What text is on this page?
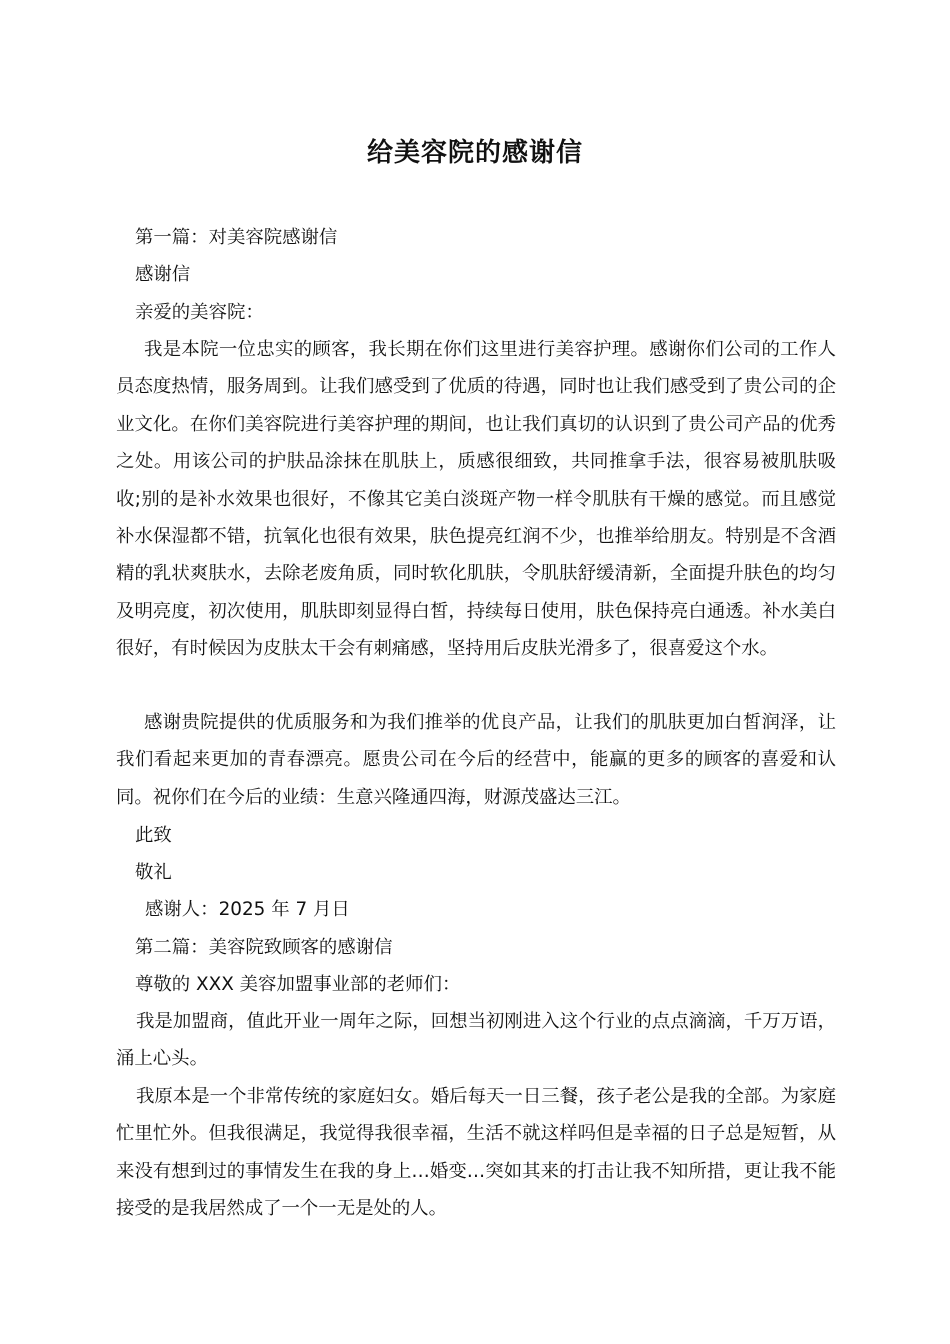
给美容院的感谢信
第一篇：对美容院感谢信
感谢信
亲爱的美容院：
我是本院一位忠实的顾客，我长期在你们这里进行美容护理。感谢你们公司的工作人员态度热情，服务周到。让我们感受到了优质的待遇，同时也让我们感受到了贵公司的企业文化。在你们美容院进行美容护理的期间，也让我们真切的认识到了贵公司产品的优秀之处。用该公司的护肤品涂抹在肌肤上，质感很细致，共同推拿手法，很容易被肌肤吸收;别的是补水效果也很好，不像其它美白淡斑产物一样令肌肤有干燥的感觉。而且感觉补水保湿都不错，抗氧化也很有效果，肤色提亮红润不少，也推举给朋友。特别是不含酒精的乳状爽肤水，去除老废角质，同时软化肌肤，令肌肤舒缓清新，全面提升肤色的均匀及明亮度，初次使用，肌肤即刻显得白皙，持续每日使用，肤色保持亮白通透。补水美白很好，有时候因为皮肤太干会有刺痛感，坚持用后皮肤光滑多了，很喜爱这个水。
感谢贵院提供的优质服务和为我们推举的优良产品，让我们的肌肤更加白皙润泽，让我们看起来更加的青春漂亮。愿贵公司在今后的经营中，能赢的更多的顾客的喜爱和认同。祝你们在今后的业绩：生意兴隆通四海，财源茂盛达三江。
此致
敬礼
感谢人：2025 年 7 月日
第二篇：美容院致顾客的感谢信
尊敬的 XXX 美容加盟事业部的老师们：
我是加盟商，值此开业一周年之际，回想当初刚进入这个行业的点点滴滴，千万万语，涌上心头。
我原本是一个非常传统的家庭妇女。婚后每天一日三餐，孩子老公是我的全部。为家庭忙里忙外。但我很满足，我觉得我很幸福，生活不就这样吗但是幸福的日子总是短暂，从来没有想到过的事情发生在我的身上…婚变…突如其来的打击让我不知所措，更让我不能接受的是我居然成了一个一无是处的人。
